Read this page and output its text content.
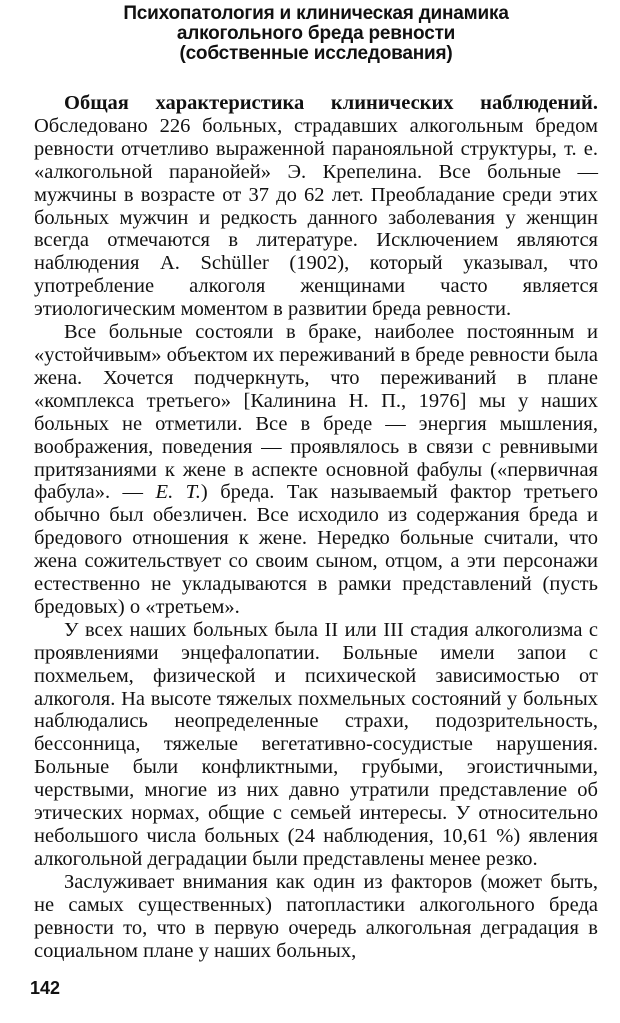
Психопатология и клиническая динамика
алкогольного бреда ревности
(собственные исследования)

Общая характеристика клинических наблюдений. Обследовано 226 больных, страдавших алкогольным бредом ревности отчетливо выраженной паранояльной структуры, т. е. «алкогольной паранойей» Э. Крепелина. Все больные — мужчины в возрасте от 37 до 62 лет. Преобладание среди этих больных мужчин и редкость данного заболевания у женщин всегда отмечаются в литературе. Исключением являются наблюдения A. Schüller (1902), который указывал, что употребление алкоголя женщинами часто является этиологическим моментом в развитии бреда ревности.

Все больные состояли в браке, наиболее постоянным и «устойчивым» объектом их переживаний в бреде ревности была жена. Хочется подчеркнуть, что переживаний в плане «комплекса третьего» [Калинина Н. П., 1976] мы у наших больных не отметили. Все в бреде — энергия мышления, воображения, поведения — проявлялось в связи с ревнивыми притязаниями к жене в аспекте основной фабулы («первичная фабула». — Е. Т.) бреда. Так называемый фактор третьего обычно был обезличен. Все исходило из содержания бреда и бредового отношения к жене. Нередко больные считали, что жена сожительствует со своим сыном, отцом, а эти персонажи естественно не укладываются в рамки представлений (пусть бредовых) о «третьем».

У всех наших больных была II или III стадия алкоголизма с проявлениями энцефалопатии. Больные имели запои с похмельем, физической и психической зависимостью от алкоголя. На высоте тяжелых похмельных состояний у больных наблюдались неопределенные страхи, подозрительность, бессонница, тяжелые вегетативно-сосудистые нарушения. Больные были конфликтными, грубыми, эгоистичными, черствыми, многие из них давно утратили представление об этических нормах, общие с семьей интересы. У относительно небольшого числа больных (24 наблюдения, 10,61 %) явления алкогольной деградации были представлены менее резко.

Заслуживает внимания как один из факторов (может быть, не самых существенных) патопластики алкогольного бреда ревности то, что в первую очередь алкогольная деградация в социальном плане у наших больных,

142
